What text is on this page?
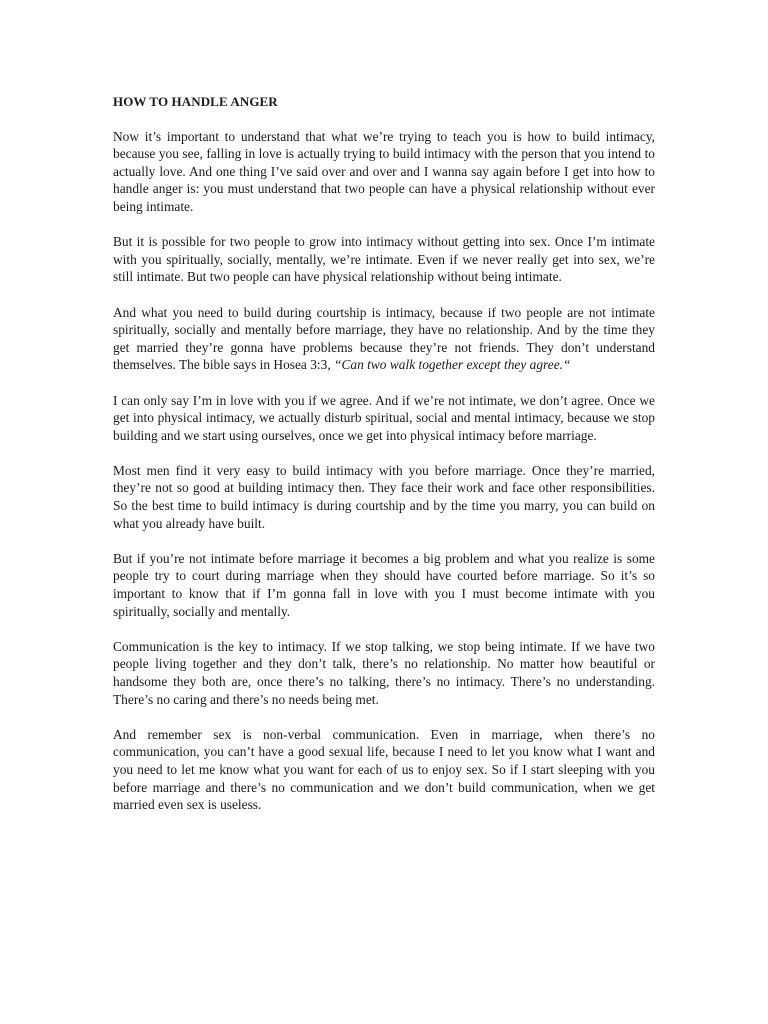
HOW TO HANDLE ANGER

Now it’s important to understand that what we’re trying to teach you is how to build intimacy, because you see, falling in love is actually trying to build intimacy with the person that you intend to actually love. And one thing I’ve said over and over and I wanna say again before I get into how to handle anger is: you must understand that two people can have a physical relationship without ever being intimate.

But it is possible for two people to grow into intimacy without getting into sex. Once I’m intimate with you spiritually, socially, mentally, we’re intimate. Even if we never really get into sex, we’re still intimate. But two people can have physical relationship without being intimate.

And what you need to build during courtship is intimacy, because if two people are not intimate spiritually, socially and mentally before marriage, they have no relationship. And by the time they get married they’re gonna have problems because they’re not friends. They don’t understand themselves. The bible says in Hosea 3:3, “Can two walk together except they agree.“

I can only say I’m in love with you if we agree. And if we’re not intimate, we don’t agree. Once we get into physical intimacy, we actually disturb spiritual, social and mental intimacy, because we stop building and we start using ourselves, once we get into physical intimacy before marriage.

Most men find it very easy to build intimacy with you before marriage. Once they’re married, they’re not so good at building intimacy then. They face their work and face other responsibilities. So the best time to build intimacy is during courtship and by the time you marry, you can build on what you already have built.

But if you’re not intimate before marriage it becomes a big problem and what you realize is some people try to court during marriage when they should have courted before marriage. So it’s so important to know that if I’m gonna fall in love with you I must become intimate with you spiritually, socially and mentally.

Communication is the key to intimacy. If we stop talking, we stop being intimate. If we have two people living together and they don’t talk, there’s no relationship. No matter how beautiful or handsome they both are, once there’s no talking, there’s no intimacy. There’s no understanding. There’s no caring and there’s no needs being met.

And remember sex is non-verbal communication. Even in marriage, when there’s no communication, you can’t have a good sexual life, because I need to let you know what I want and you need to let me know what you want for each of us to enjoy sex. So if I start sleeping with you before marriage and there’s no communication and we don’t build communication, when we get married even sex is useless.
